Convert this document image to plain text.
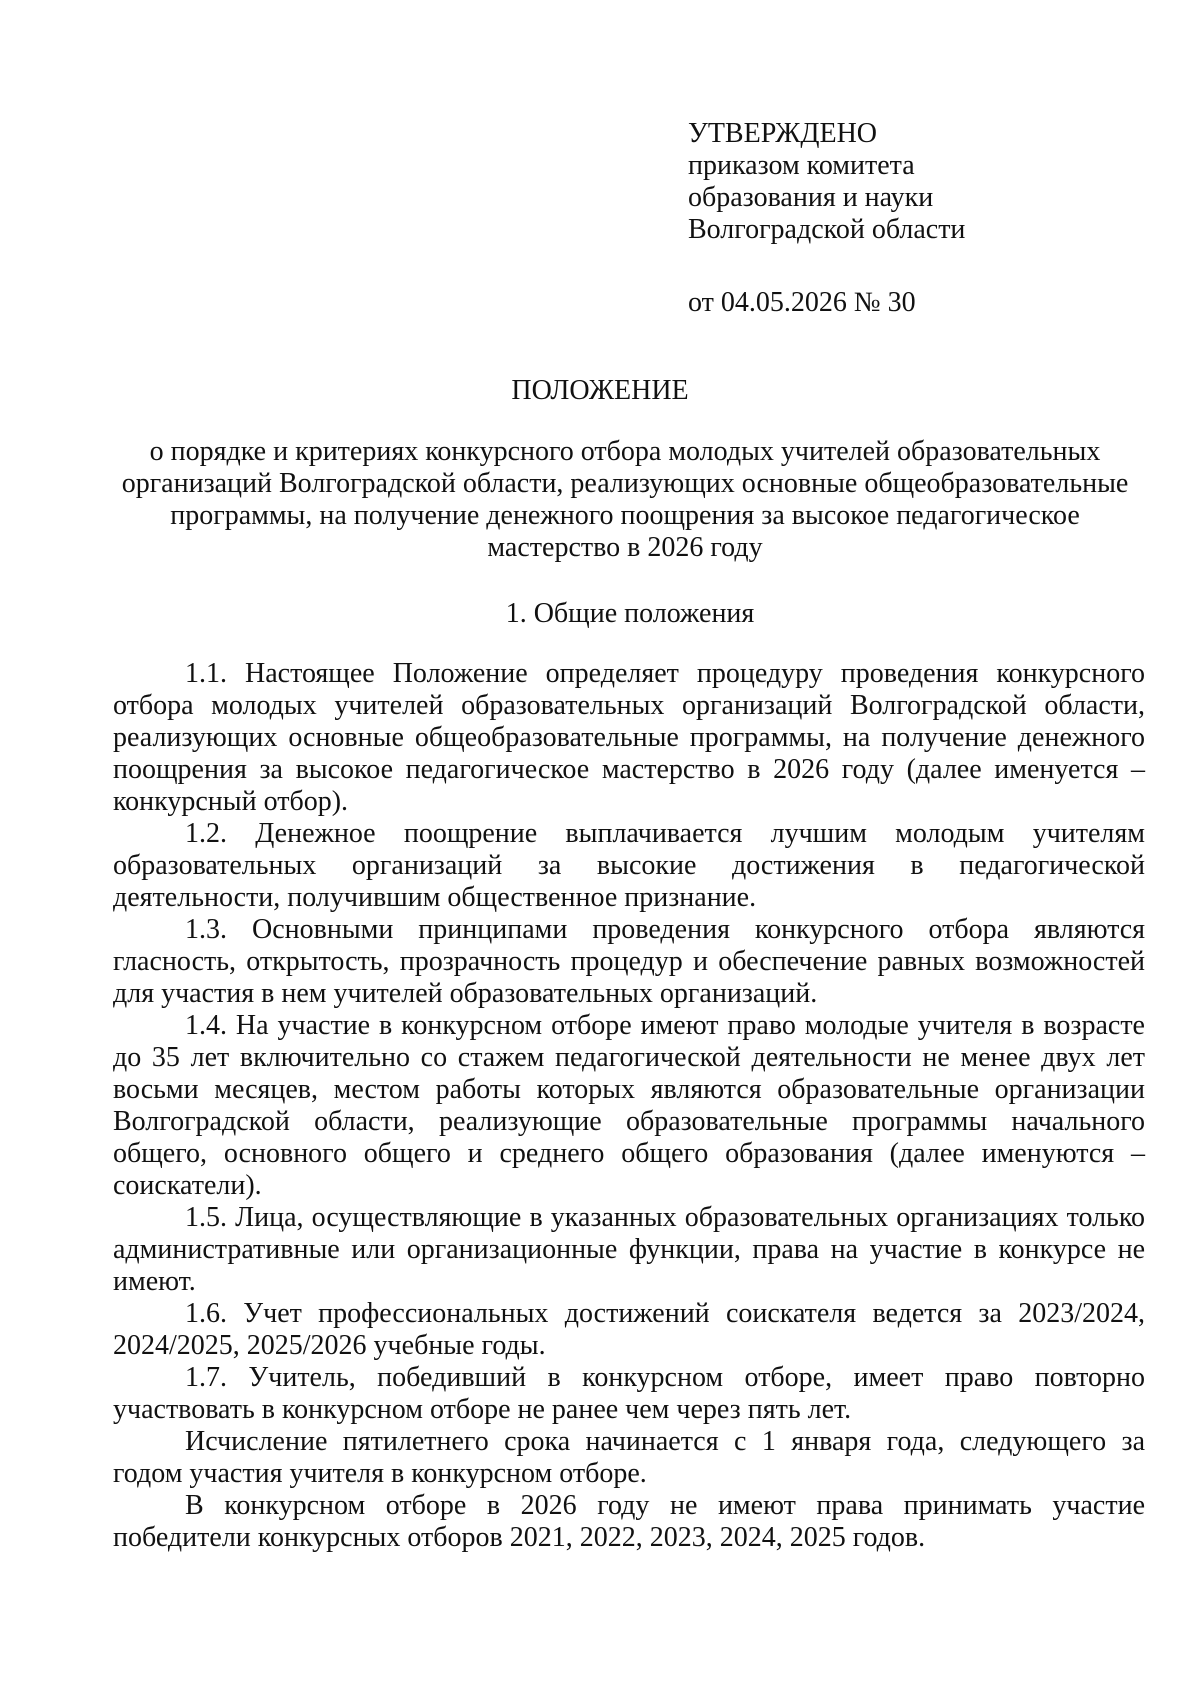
УТВЕРЖДЕНО
приказом комитета
образования и науки
Волгоградской области
от 04.05.2026 № 30
ПОЛОЖЕНИЕ
о порядке и критериях конкурсного отбора молодых учителей образовательных организаций Волгоградской области, реализующих основные общеобразовательные программы, на получение денежного поощрения за высокое педагогическое мастерство в 2026 году
1. Общие положения

1.1. Настоящее Положение определяет процедуру проведения конкурсного отбора молодых учителей образовательных организаций Волгоградской области, реализующих основные общеобразовательные программы, на получение денежного поощрения за высокое педагогическое мастерство в 2026 году (далее именуется – конкурсный отбор).

1.2. Денежное поощрение выплачивается лучшим молодым учителям образовательных организаций за высокие достижения в педагогической деятельности, получившим общественное признание.

1.3. Основными принципами проведения конкурсного отбора являются гласность, открытость, прозрачность процедур и обеспечение равных возможностей для участия в нем учителей образовательных организаций.

1.4. На участие в конкурсном отборе имеют право молодые учителя в возрасте до 35 лет включительно со стажем педагогической деятельности не менее двух лет восьми месяцев, местом работы которых являются образовательные организации Волгоградской области, реализующие образовательные программы начального общего, основного общего и среднего общего образования (далее именуются – соискатели).

1.5. Лица, осуществляющие в указанных образовательных организациях только административные или организационные функции, права на участие в конкурсе не имеют.

1.6. Учет профессиональных достижений соискателя ведется за 2023/2024, 2024/2025, 2025/2026 учебные годы.

1.7. Учитель, победивший в конкурсном отборе, имеет право повторно участвовать в конкурсном отборе не ранее чем через пять лет.

Исчисление пятилетнего срока начинается с 1 января года, следующего за годом участия учителя в конкурсном отборе.

В конкурсном отборе в 2026 году не имеют права принимать участие победители конкурсных отборов 2021, 2022, 2023, 2024, 2025 годов.
